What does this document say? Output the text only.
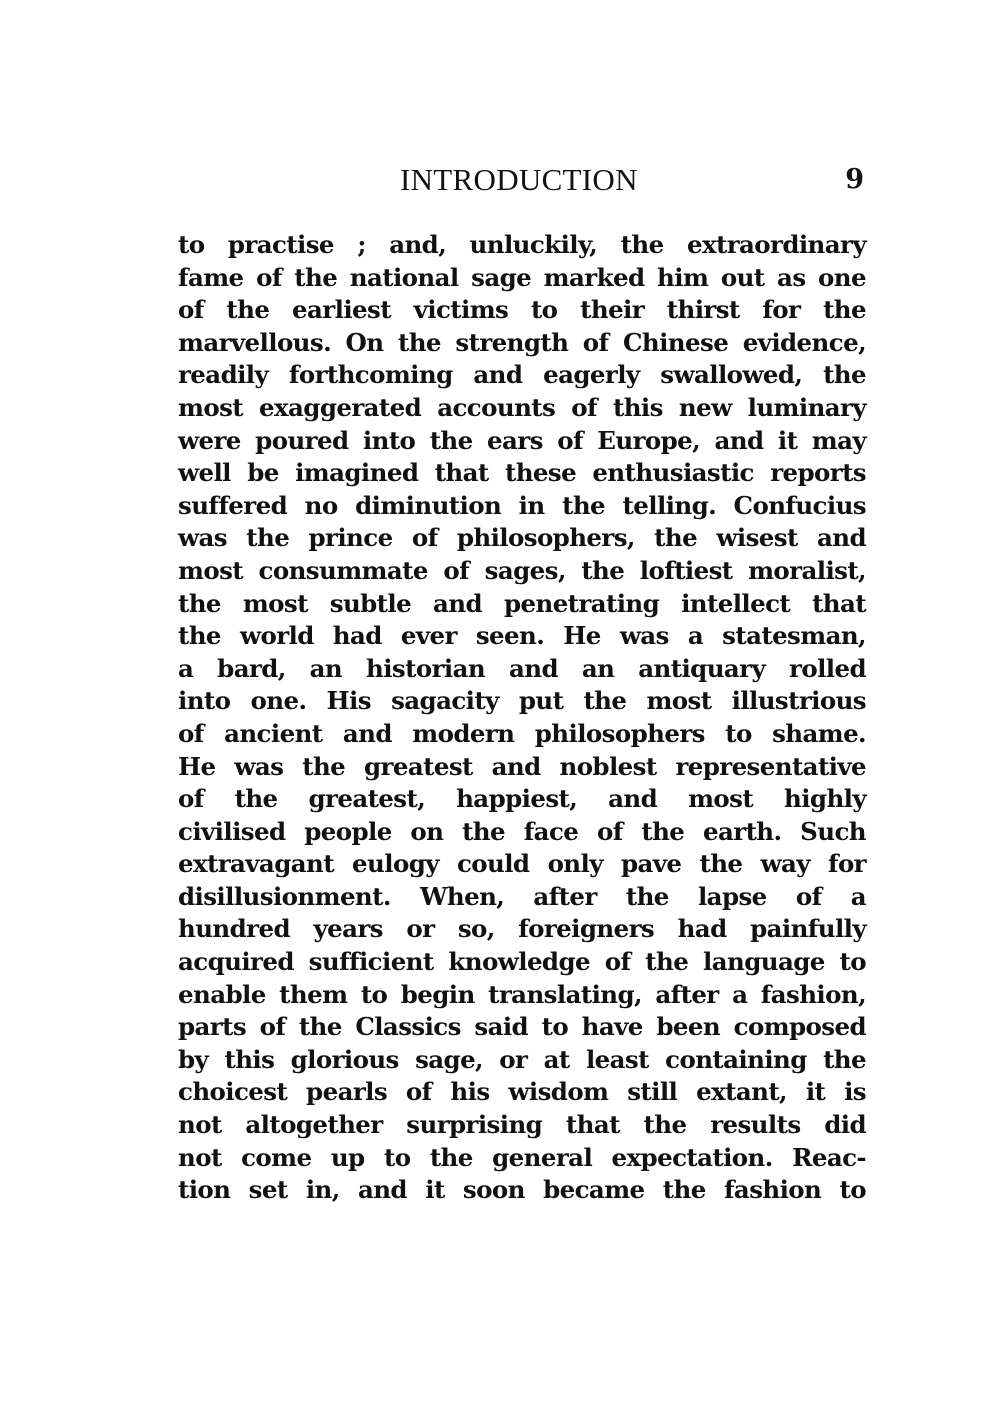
INTRODUCTION	9
to practise ; and, unluckily, the extraordinary
fame of the national sage marked him out as one
of the earliest victims to their thirst for the
marvellous. On the strength of Chinese evidence,
readily forthcoming and eagerly swallowed, the
most exaggerated accounts of this new luminary
were poured into the ears of Europe, and it may
well be imagined that these enthusiastic reports
suffered no diminution in the telling. Confucius
was the prince of philosophers, the wisest and
most consummate of sages, the loftiest moralist,
the most subtle and penetrating intellect that
the world had ever seen. He was a statesman,
a bard, an historian and an antiquary rolled
into one. His sagacity put the most illustrious
of ancient and modern philosophers to shame.
He was the greatest and noblest representative
of the greatest, happiest, and most highly
civilised people on the face of the earth. Such
extravagant eulogy could only pave the way for
disillusionment. When, after the lapse of a
hundred years or so, foreigners had painfully
acquired sufficient knowledge of the language to
enable them to begin translating, after a fashion,
parts of the Classics said to have been composed
by this glorious sage, or at least containing the
choicest pearls of his wisdom still extant, it is
not altogether surprising that the results did
not come up to the general expectation. Reac-
tion set in, and it soon became the fashion to
